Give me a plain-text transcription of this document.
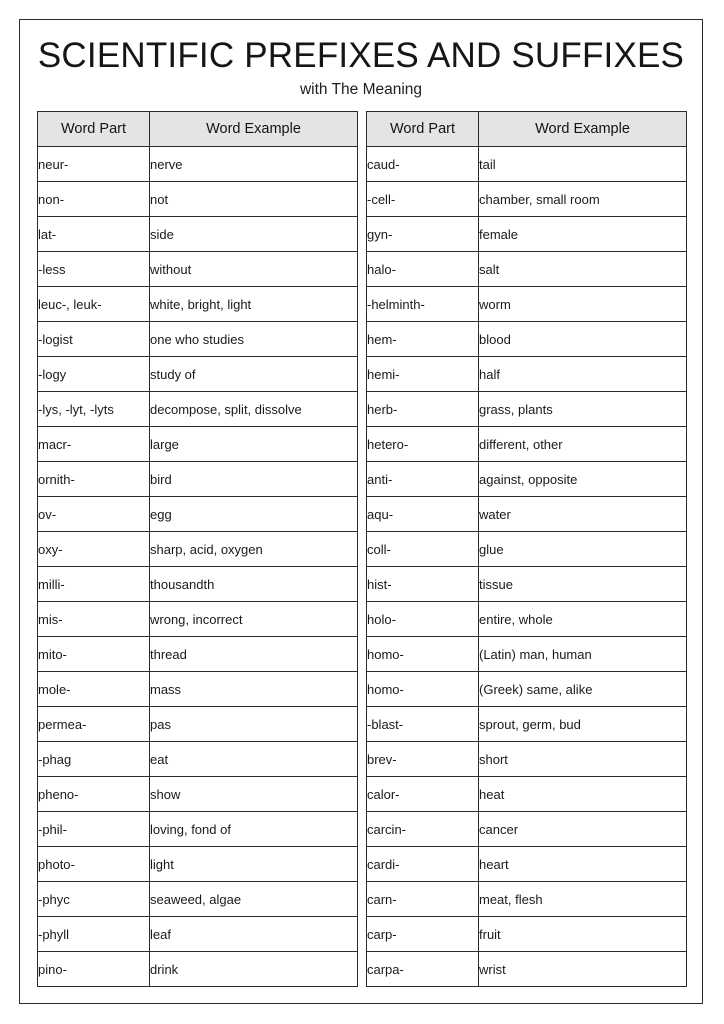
SCIENTIFIC PREFIXES AND SUFFIXES
with The Meaning
Word Part	Word Example
neur-	nerve
non-	not
lat-	side
-less	without
leuc-, leuk-	white, bright, light
-logist	one who studies
-logy	study of
-lys, -lyt, -lyts	decompose, split, dissolve
macr-	large
ornith-	bird
ov-	egg
oxy-	sharp, acid, oxygen
milli-	thousandth
mis-	wrong, incorrect
mito-	thread
mole-	mass
permea-	pas
-phag	eat
pheno-	show
-phil-	loving, fond of
photo-	light
-phyc	seaweed, algae
-phyll	leaf
pino-	drink
Word Part	Word Example
caud-	tail
-cell-	chamber, small room
gyn-	female
halo-	salt
-helminth-	worm
hem-	blood
hemi-	half
herb-	grass, plants
hetero-	different, other
anti-	against, opposite
aqu-	water
coll-	glue
hist-	tissue
holo-	entire, whole
homo-	(Latin) man, human
homo-	(Greek) same, alike
-blast-	sprout, germ, bud
brev-	short
calor-	heat
carcin-	cancer
cardi-	heart
carn-	meat, flesh
carp-	fruit
carpa-	wrist
